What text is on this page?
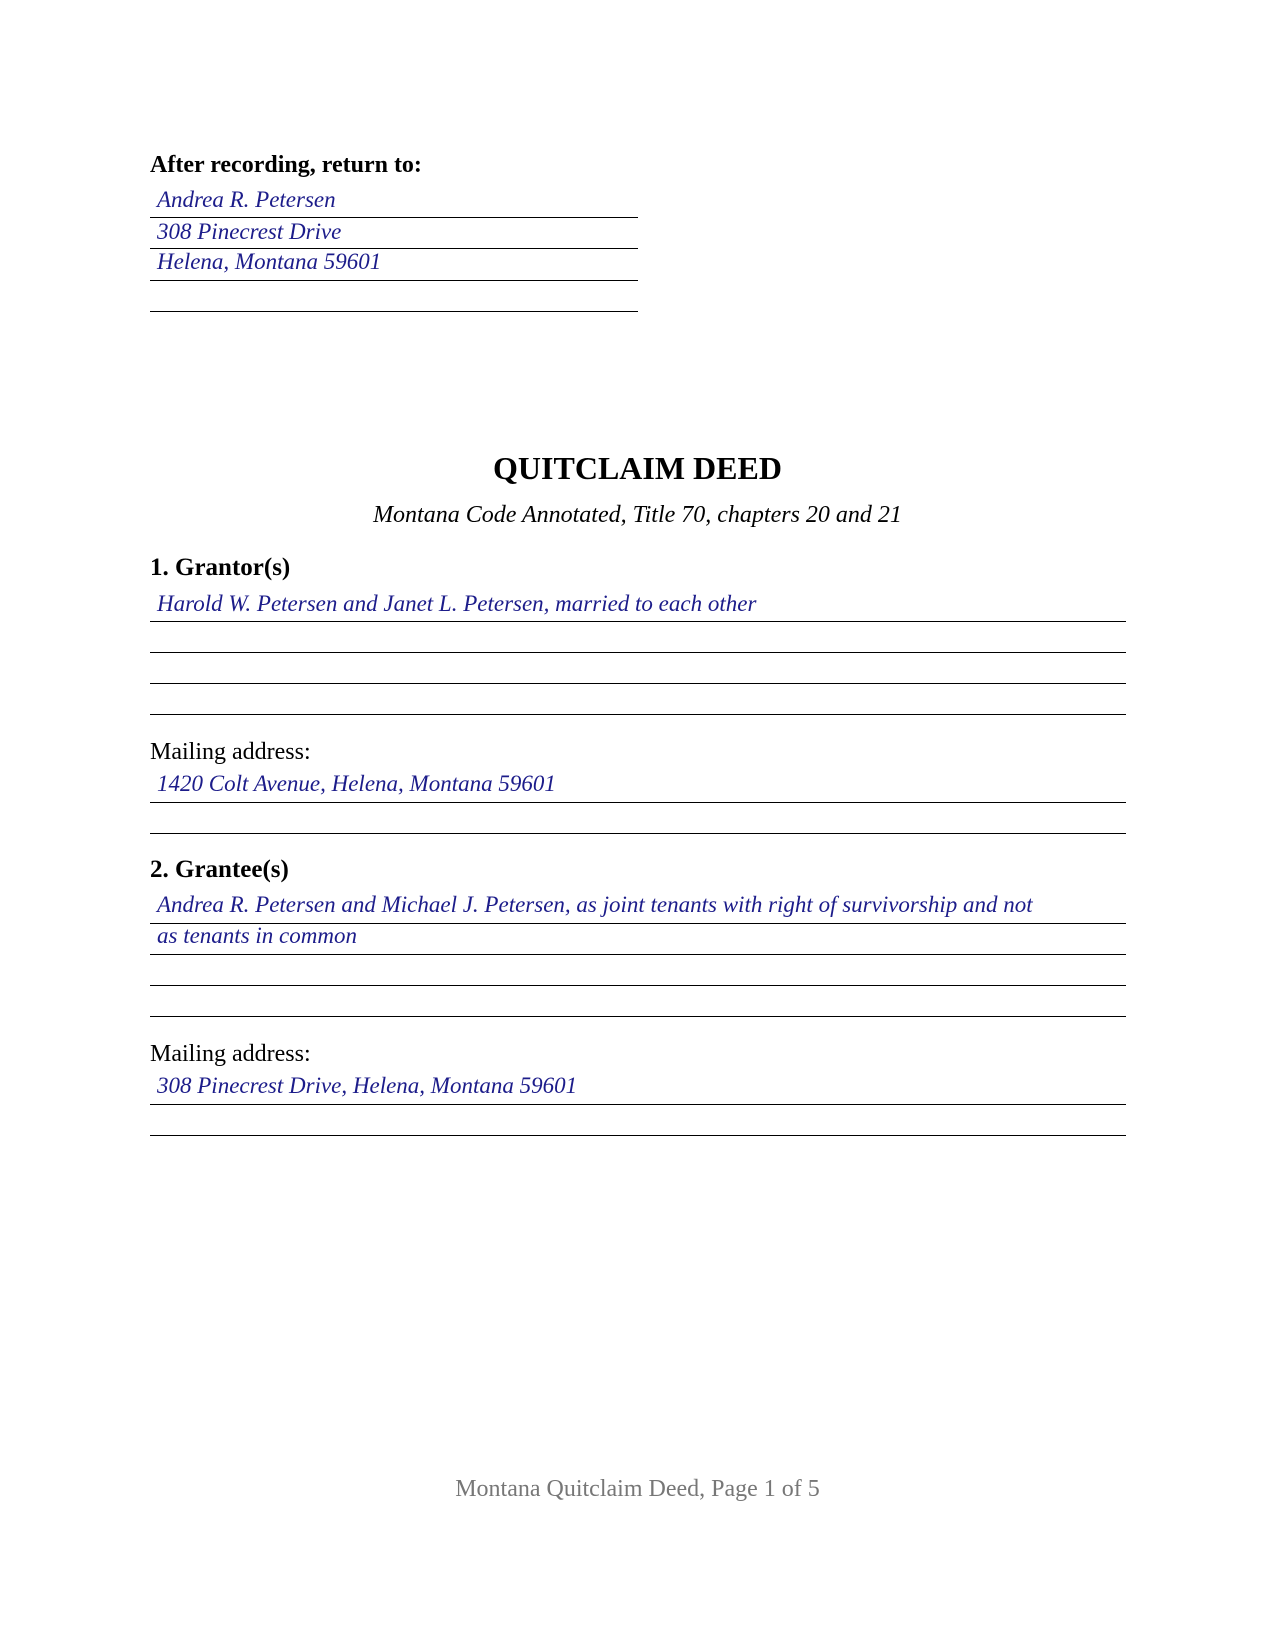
After recording, return to:
Andrea R. Petersen
308 Pinecrest Drive
Helena, Montana 59601
QUITCLAIM DEED
Montana Code Annotated, Title 70, chapters 20 and 21
1. Grantor(s)
Harold W. Petersen and Janet L. Petersen, married to each other
Mailing address:
1420 Colt Avenue, Helena, Montana 59601
2. Grantee(s)
Andrea R. Petersen and Michael J. Petersen, as joint tenants with right of survivorship and not
as tenants in common
Mailing address:
308 Pinecrest Drive, Helena, Montana 59601
Montana Quitclaim Deed, Page 1 of 5
